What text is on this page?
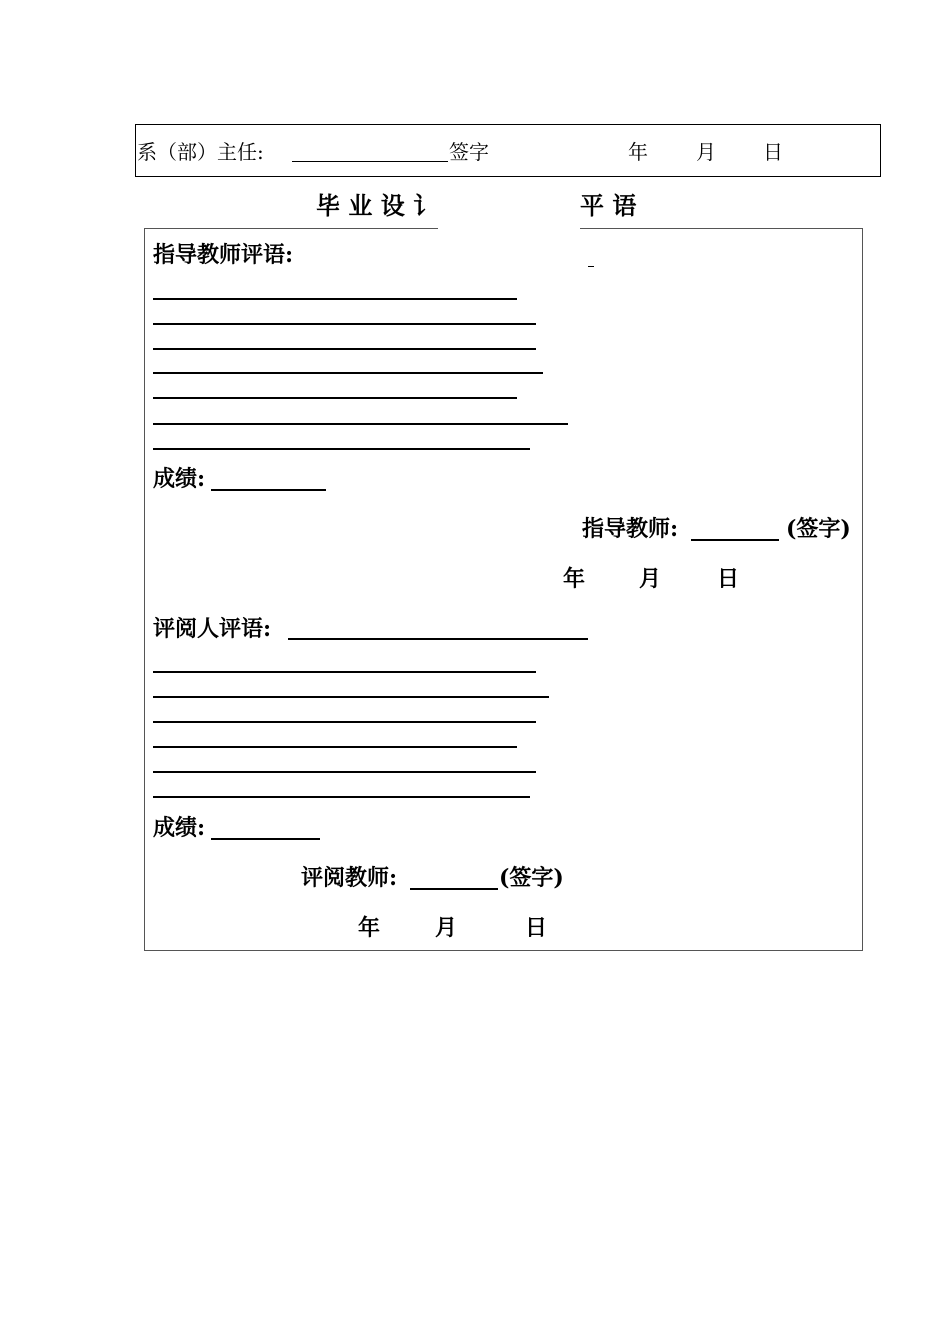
系（部）主任:	签字	年 月 日
毕 业 设 讠	平 语
指导教师评语:
成绩:
指导教师:	(签字)
年 月	日
评阅人评语:
成绩:
评阅教师:	(签字)
年 月	日
